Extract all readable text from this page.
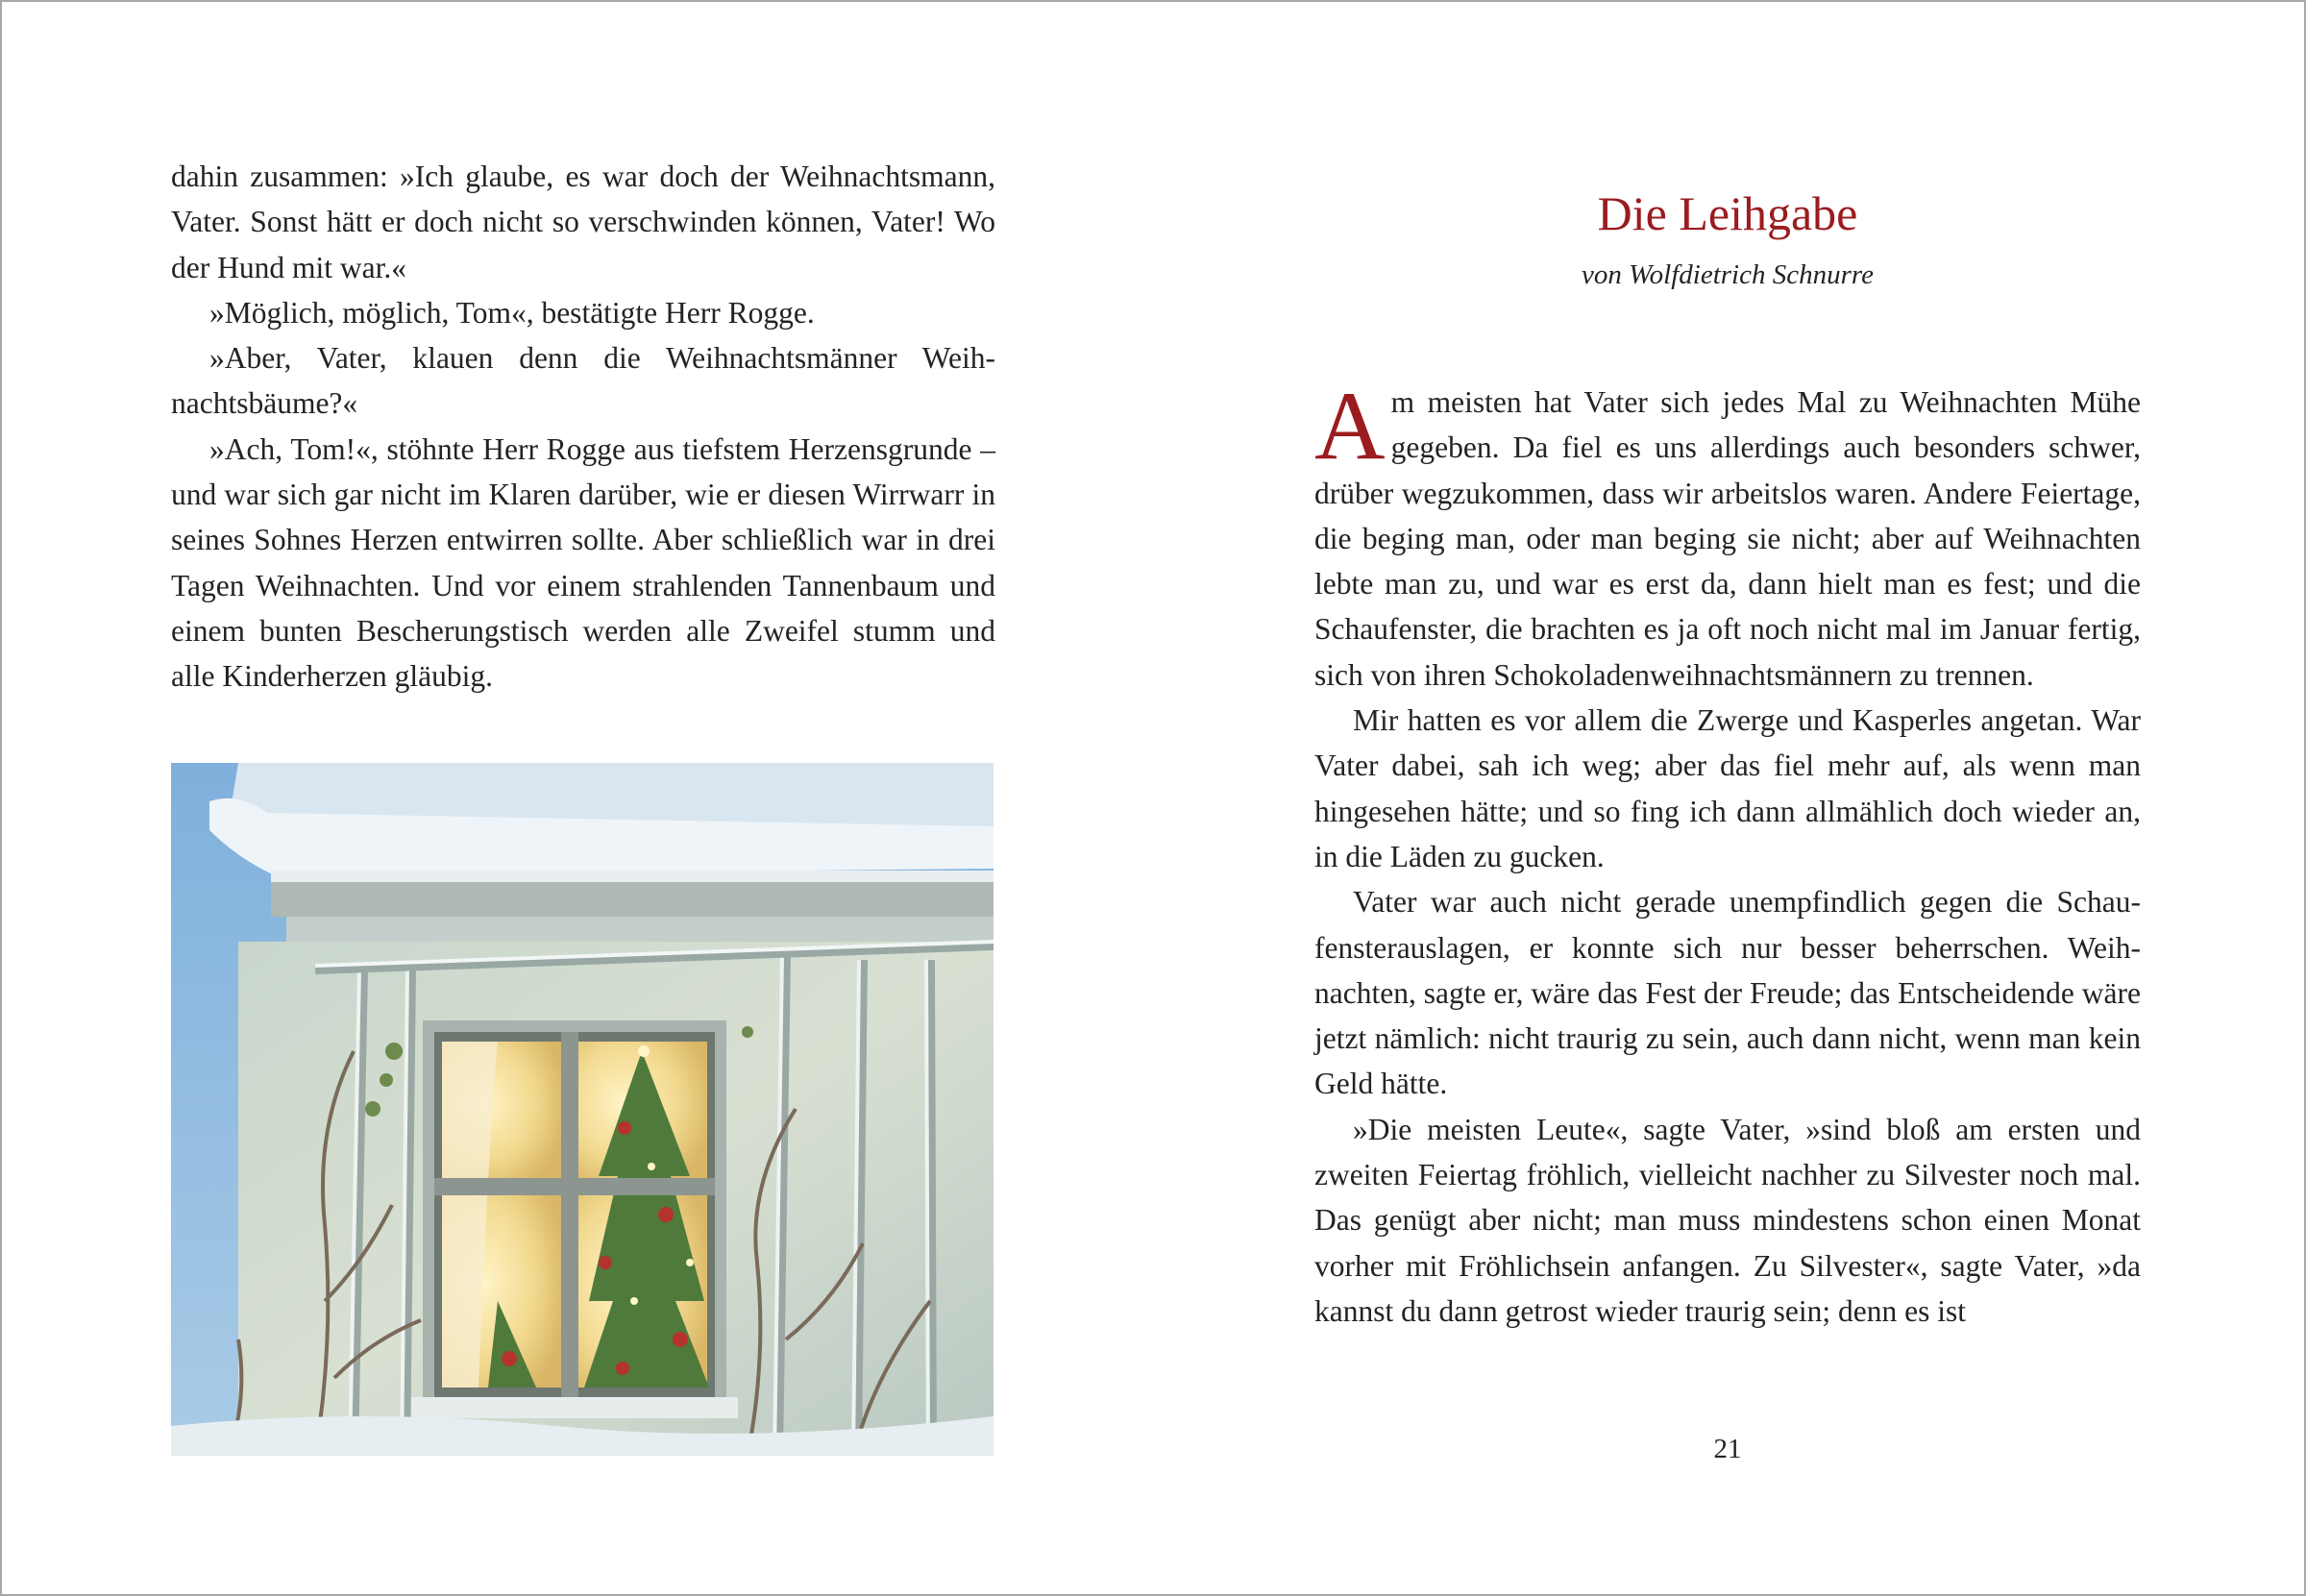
dahin zusammen: »Ich glaube, es war doch der Weihnachtsmann, Vater. Sonst hätt er doch nicht so verschwinden können, Vater! Wo der Hund mit war.«

»Möglich, möglich, Tom«, bestätigte Herr Rogge.

»Aber, Vater, klauen denn die Weihnachtsmänner Weihnachtsbäume?«

»Ach, Tom!«, stöhnte Herr Rogge aus tiefstem Herzensgrunde – und war sich gar nicht im Klaren darüber, wie er diesen Wirrwarr in seines Sohnes Herzen entwirren sollte. Aber schließlich war in drei Tagen Weihnachten. Und vor einem strahlenden Tannenbaum und einem bunten Bescherungstisch werden alle Zweifel stumm und alle Kinderherzen gläubig.

Die Leihgabe
von Wolfdietrich Schnurre

Am meisten hat Vater sich jedes Mal zu Weihnachten Mühe gegeben. Da fiel es uns allerdings auch besonders schwer, drüber wegzukommen, dass wir arbeitslos waren. Andere Feiertage, die beging man, oder man beging sie nicht; aber auf Weihnachten lebte man zu, und war es erst da, dann hielt man es fest; und die Schaufenster, die brachten es ja oft noch nicht mal im Januar fertig, sich von ihren Schokoladenweihnachtsmännern zu trennen.

Mir hatten es vor allem die Zwerge und Kasperles angetan. War Vater dabei, sah ich weg; aber das fiel mehr auf, als wenn man hingesehen hätte; und so fing ich dann allmählich doch wieder an, in die Läden zu gucken.

Vater war auch nicht gerade unempfindlich gegen die Schaufensterauslagen, er konnte sich nur besser beherrschen. Weihnachten, sagte er, wäre das Fest der Freude; das Entscheidende wäre jetzt nämlich: nicht traurig zu sein, auch dann nicht, wenn man kein Geld hätte.

»Die meisten Leute«, sagte Vater, »sind bloß am ersten und zweiten Feiertag fröhlich, vielleicht nachher zu Silvester noch mal. Das genügt aber nicht; man muss mindestens schon einen Monat vorher mit Fröhlichsein anfangen. Zu Silvester«, sagte Vater, »da kannst du dann getrost wieder traurig sein; denn es ist

21
